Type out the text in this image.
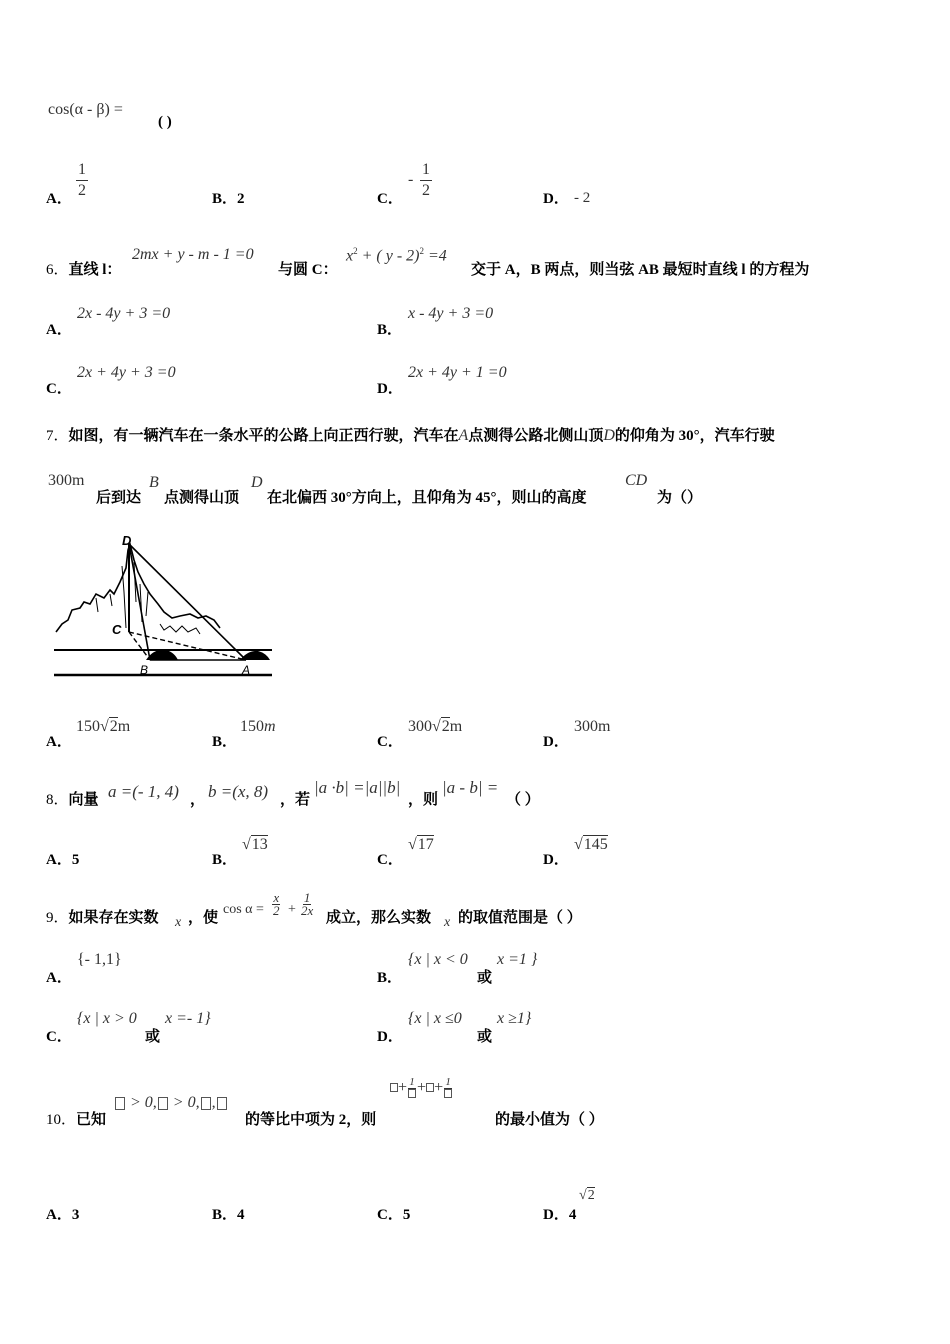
cos(α - β) =
( )
A． $\frac{1}{2}$	B．2	C．
- $\frac{1}{2}$	D． - 2
6．直线 l：
2mx + y - m - 1 =0
与圆 C：
$x^2$ + ( y - 2)$^2$ =4
交于 A，B 两点，则当弦 AB 最短时直线 l 的方程为
A．
2x - 4y + 3 =0
B．
x - 4y + 3 =0
C．
2x + 4y + 3 =0
D．
2x + 4y + 1 =0
7．如图，有一辆汽车在一条水平的公路上向正西行驶，汽车在A点测得公路北侧山顶D的仰角为 30°，汽车行驶
300m
后到达
B
点测得山顶
D
在北偏西 30°方向上，且仰角为 45°，则山的高度
CD
为（）
D
C
B	A
A．
150√2m
B．
150m
C．
300√2m
D．
300m
8．向量 a =(- 1, 4) ， b =(x, 8) ，若
|a ·b| =|a||b|
，则
|a - b| =
（ ）
A．5	B．
√13
C．
√17
D．
√145
9．如果存在实数 x ，使
$\cos \alpha = \frac{x}{2} + \frac{1}{2x}$
成立，那么实数 x 的取值范围是（ ）
A．
{- 1,1}
B．
{x | x < 0
或
x =1 }
C．
{x | x > 0
或
x =- 1}
D．
{x | x ≤0
或
x ≥1}
10．已知
> 0, > 0, ,
的等比中项为 2，则
+ 1 + + 1
的最小值为（ ）
A．3	B．4	C．5	D．4
√2
